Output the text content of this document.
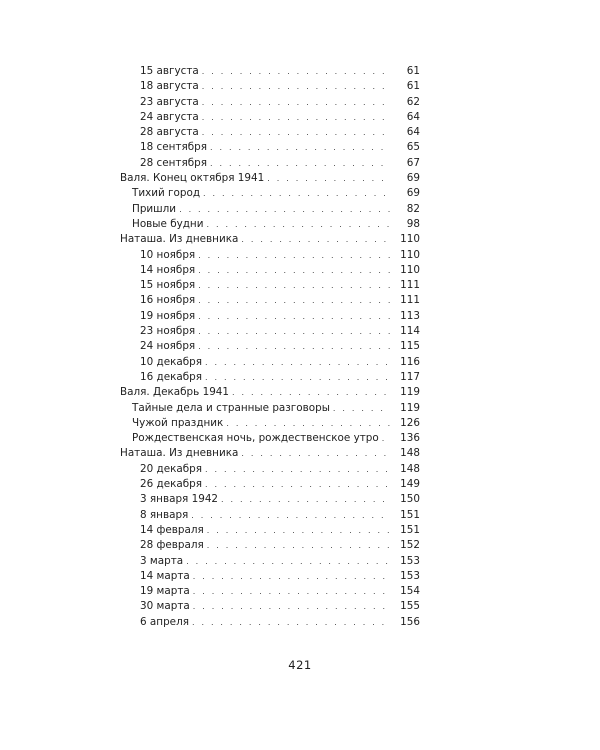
15 августа . . .	61
18 августа . . .	61
23 августа . . .	62
24 августа . . .	64
28 августа . . .	64
18 сентября . . .	65
28 сентября . . .	67
Валя. Конец октября 1941 . . .	69
Тихий город . . .	69
Пришли . . .	82
Новые будни . . .	98
Наташа. Из дневника . . .	110
10 ноября . . .	110
14 ноября . . .	110
15 ноября . . .	111
16 ноября . . .	111
19 ноября . . .	113
23 ноября . . .	114
24 ноября . . .	115
10 декабря . . .	116
16 декабря . . .	117
Валя. Декабрь 1941 . . .	119
Тайные дела и странные разговоры . . .	119
Чужой праздник . . .	126
Рождественская ночь, рождественское утро . . .	136
Наташа. Из дневника . . .	148
20 декабря . . .	148
26 декабря . . .	149
3 января 1942 . . .	150
8 января . . .	151
14 февраля . . .	151
28 февраля . . .	152
3 марта . . .	153
14 марта . . .	153
19 марта . . .	154
30 марта . . .	155
6 апреля . . .	156
421
